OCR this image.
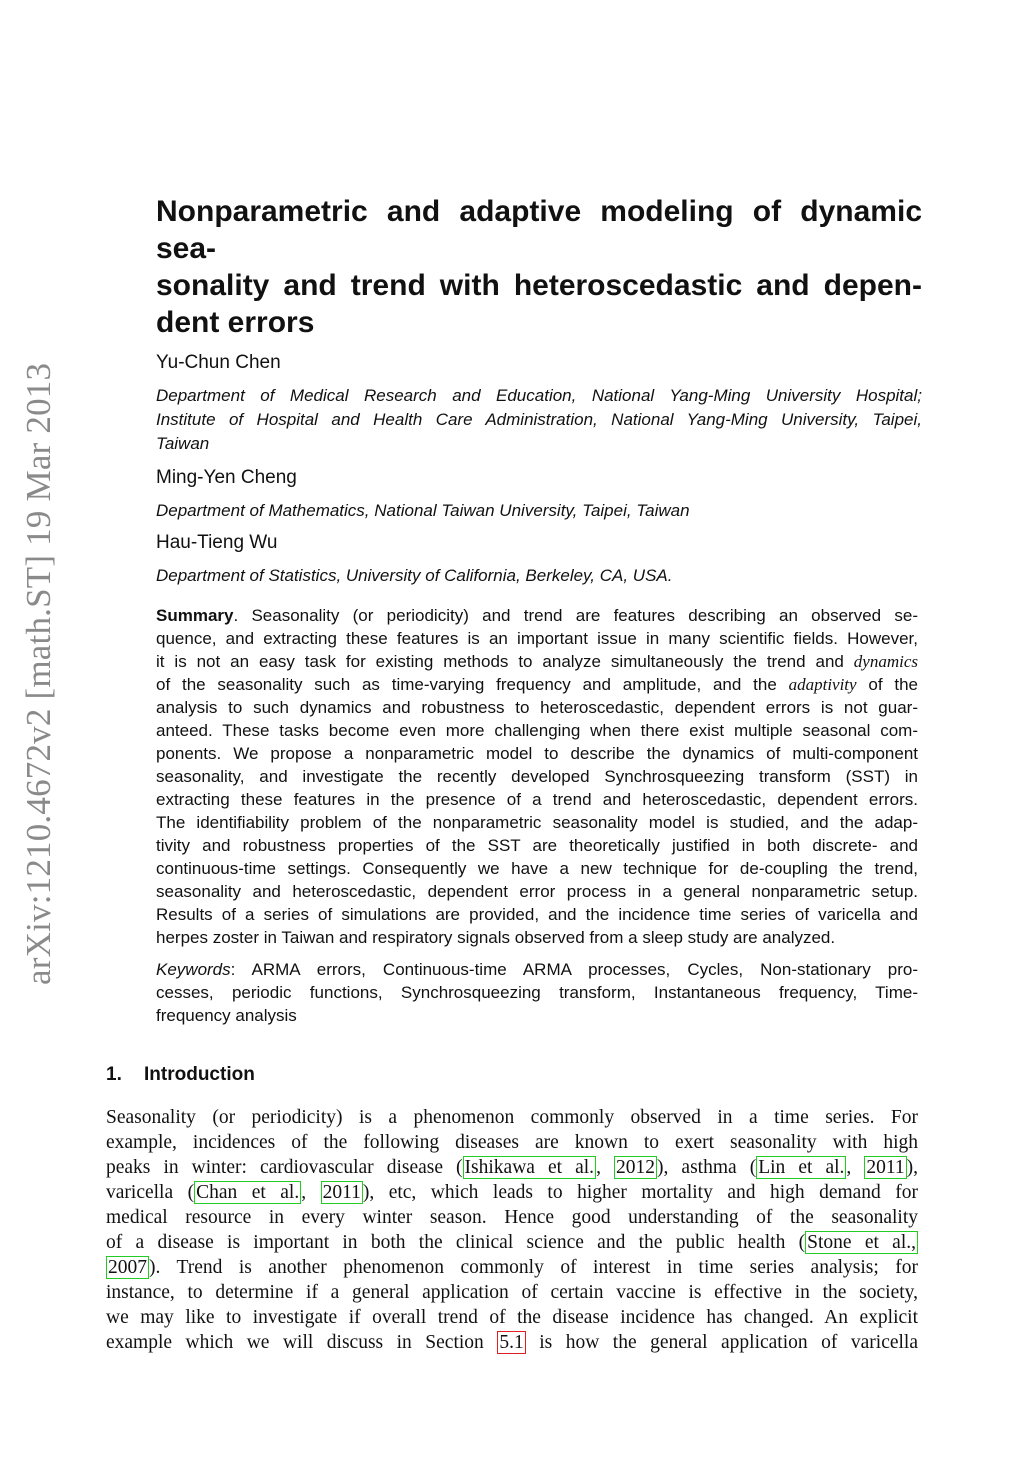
arXiv:1210.4672v2 [math.ST] 19 Mar 2013
Nonparametric and adaptive modeling of dynamic sea-
sonality and trend with heteroscedastic and depen-
dent errors

Yu-Chun Chen

Department of Medical Research and Education, National Yang-Ming University Hospital;
Institute of Hospital and Health Care Administration, National Yang-Ming University, Taipei,
Taiwan

Ming-Yen Cheng

Department of Mathematics, National Taiwan University, Taipei, Taiwan

Hau-Tieng Wu

Department of Statistics, University of California, Berkeley, CA, USA.

Summary. Seasonality (or periodicity) and trend are features describing an observed se-
quence, and extracting these features is an important issue in many scientific fields. However,
it is not an easy task for existing methods to analyze simultaneously the trend and dynamics
of the seasonality such as time-varying frequency and amplitude, and the adaptivity of the
analysis to such dynamics and robustness to heteroscedastic, dependent errors is not guar-
anteed. These tasks become even more challenging when there exist multiple seasonal com-
ponents. We propose a nonparametric model to describe the dynamics of multi-component
seasonality, and investigate the recently developed Synchrosqueezing transform (SST) in
extracting these features in the presence of a trend and heteroscedastic, dependent errors.
The identifiability problem of the nonparametric seasonality model is studied, and the adap-
tivity and robustness properties of the SST are theoretically justified in both discrete- and
continuous-time settings. Consequently we have a new technique for de-coupling the trend,
seasonality and heteroscedastic, dependent error process in a general nonparametric setup.
Results of a series of simulations are provided, and the incidence time series of varicella and
herpes zoster in Taiwan and respiratory signals observed from a sleep study are analyzed.
Keywords: ARMA errors, Continuous-time ARMA processes, Cycles, Non-stationary pro-
cesses, periodic functions, Synchrosqueezing transform, Instantaneous frequency, Time-
frequency analysis
1. Introduction
Seasonality (or periodicity) is a phenomenon commonly observed in a time series. For
example, incidences of the following diseases are known to exert seasonality with high
peaks in winter: cardiovascular disease ( Ishikawa et al. , 2012 ), asthma ( Lin et al. , 2011 ),
varicella ( Chan et al. , 2011 ), etc, which leads to higher mortality and high demand for
medical resource in every winter season. Hence good understanding of the seasonality
of a disease is important in both the clinical science and the public health ( Stone et al.,
2007 ). Trend is another phenomenon commonly of interest in time series analysis; for
instance, to determine if a general application of certain vaccine is effective in the society,
we may like to investigate if overall trend of the disease incidence has changed. An explicit
example which we will discuss in Section 5.1 is how the general application of varicella
